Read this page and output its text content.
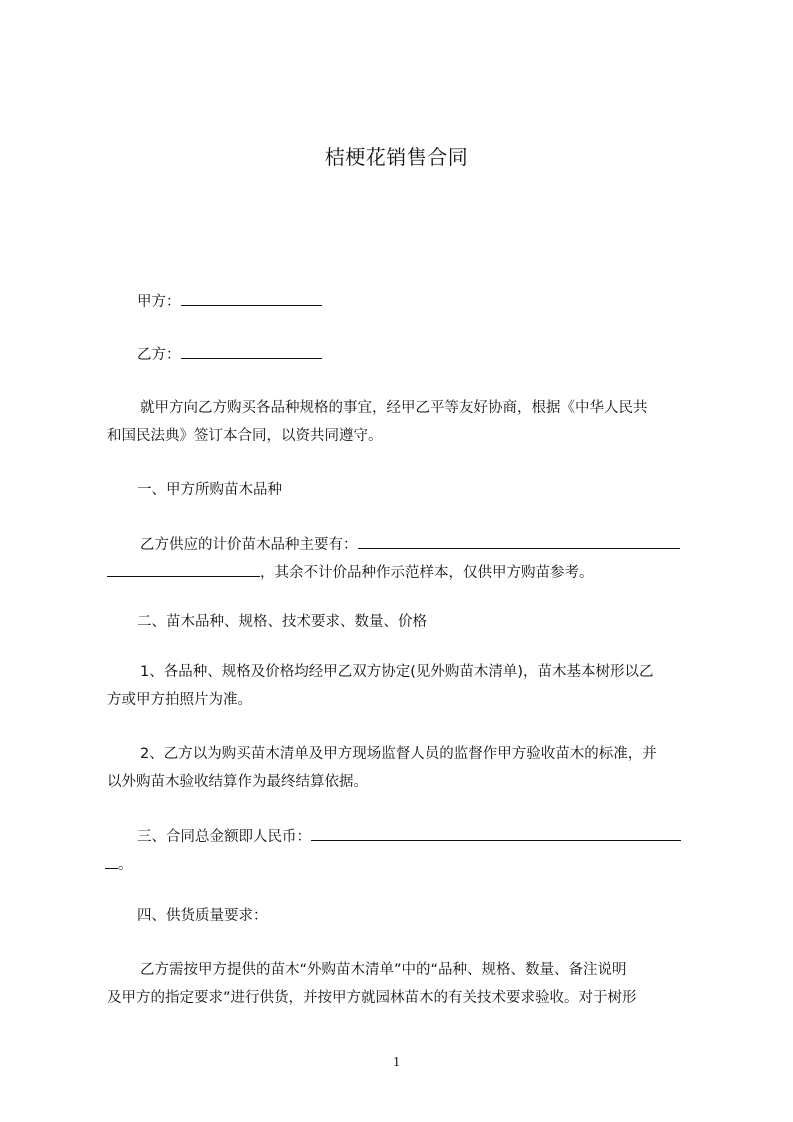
桔梗花销售合同
甲方：
乙方：
就甲方向乙方购买各品种规格的事宜，经甲乙平等友好协商，根据《中华人民共
和国民法典》签订本合同，以资共同遵守。
一、甲方所购苗木品种
乙方供应的计价苗木品种主要有：
，其余不计价品种作示范样本，仅供甲方购苗参考。
二、苗木品种、规格、技术要求、数量、价格
1、各品种、规格及价格均经甲乙双方协定(见外购苗木清单)，苗木基本树形以乙
方或甲方拍照片为准。
2、乙方以为购买苗木清单及甲方现场监督人员的监督作甲方验收苗木的标准，并
以外购苗木验收结算作为最终结算依据。
三、合同总金额即人民币：
。
四、供货质量要求：
乙方需按甲方提供的苗木“外购苗木清单”中的“品种、规格、数量、备注说明
及甲方的指定要求”进行供货，并按甲方就园林苗木的有关技术要求验收。对于树形
1
